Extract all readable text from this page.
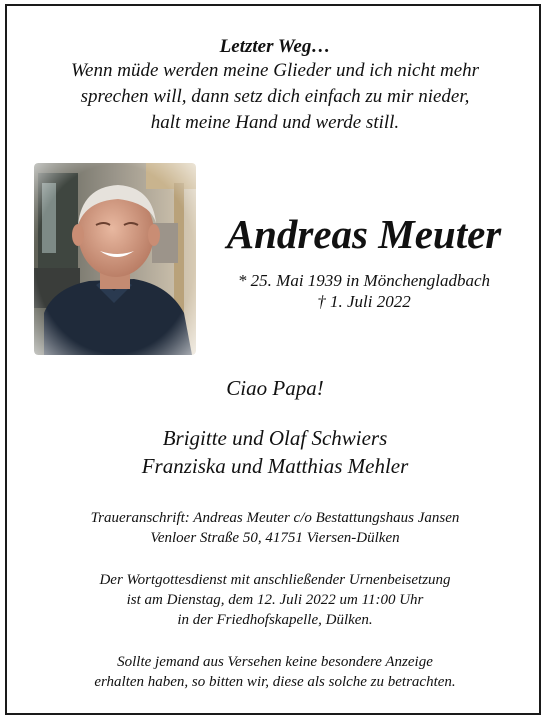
Letzter Weg…
Wenn müde werden meine Glieder und ich nicht mehr
sprechen will, dann setz dich einfach zu mir nieder,
halt meine Hand und werde still.
Andreas Meuter
* 25. Mai 1939 in Mönchengladbach
† 1. Juli 2022
Ciao Papa!
Brigitte und Olaf Schwiers
Franziska und Matthias Mehler
Traueranschrift: Andreas Meuter c/o Bestattungshaus Jansen
Venloer Straße 50, 41751 Viersen-Dülken
Der Wortgottesdienst mit anschließender Urnenbeisetzung
ist am Dienstag, dem 12. Juli 2022 um 11:00 Uhr
in der Friedhofskapelle, Dülken.
Sollte jemand aus Versehen keine besondere Anzeige
erhalten haben, so bitten wir, diese als solche zu betrachten.
